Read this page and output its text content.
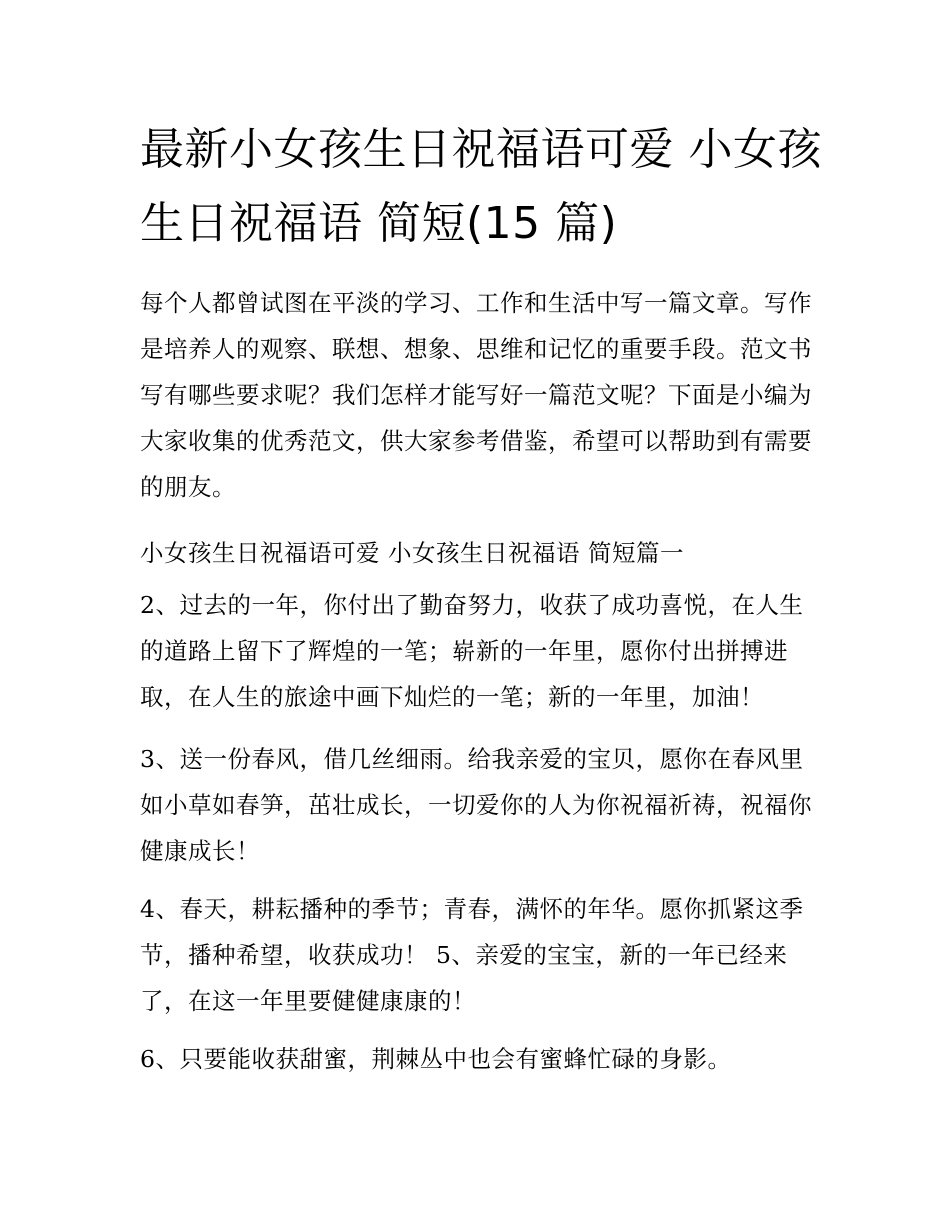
最新小女孩生日祝福语可爱 小女孩生日祝福语 简短(15 篇)

每个人都曾试图在平淡的学习、工作和生活中写一篇文章。写作是培养人的观察、联想、想象、思维和记忆的重要手段。范文书写有哪些要求呢？我们怎样才能写好一篇范文呢？下面是小编为大家收集的优秀范文，供大家参考借鉴，希望可以帮助到有需要的朋友。

小女孩生日祝福语可爱 小女孩生日祝福语 简短篇一

2、过去的一年，你付出了勤奋努力，收获了成功喜悦，在人生的道路上留下了辉煌的一笔；崭新的一年里，愿你付出拼搏进取，在人生的旅途中画下灿烂的一笔；新的一年里，加油！

3、送一份春风，借几丝细雨。给我亲爱的宝贝，愿你在春风里如小草如春笋，茁壮成长，一切爱你的人为你祝福祈祷，祝福你健康成长！

4、春天，耕耘播种的季节；青春，满怀的年华。愿你抓紧这季节，播种希望，收获成功！ 5、亲爱的宝宝，新的一年已经来了，在这一年里要健健康康的！

6、只要能收获甜蜜，荆棘丛中也会有蜜蜂忙碌的身影。
